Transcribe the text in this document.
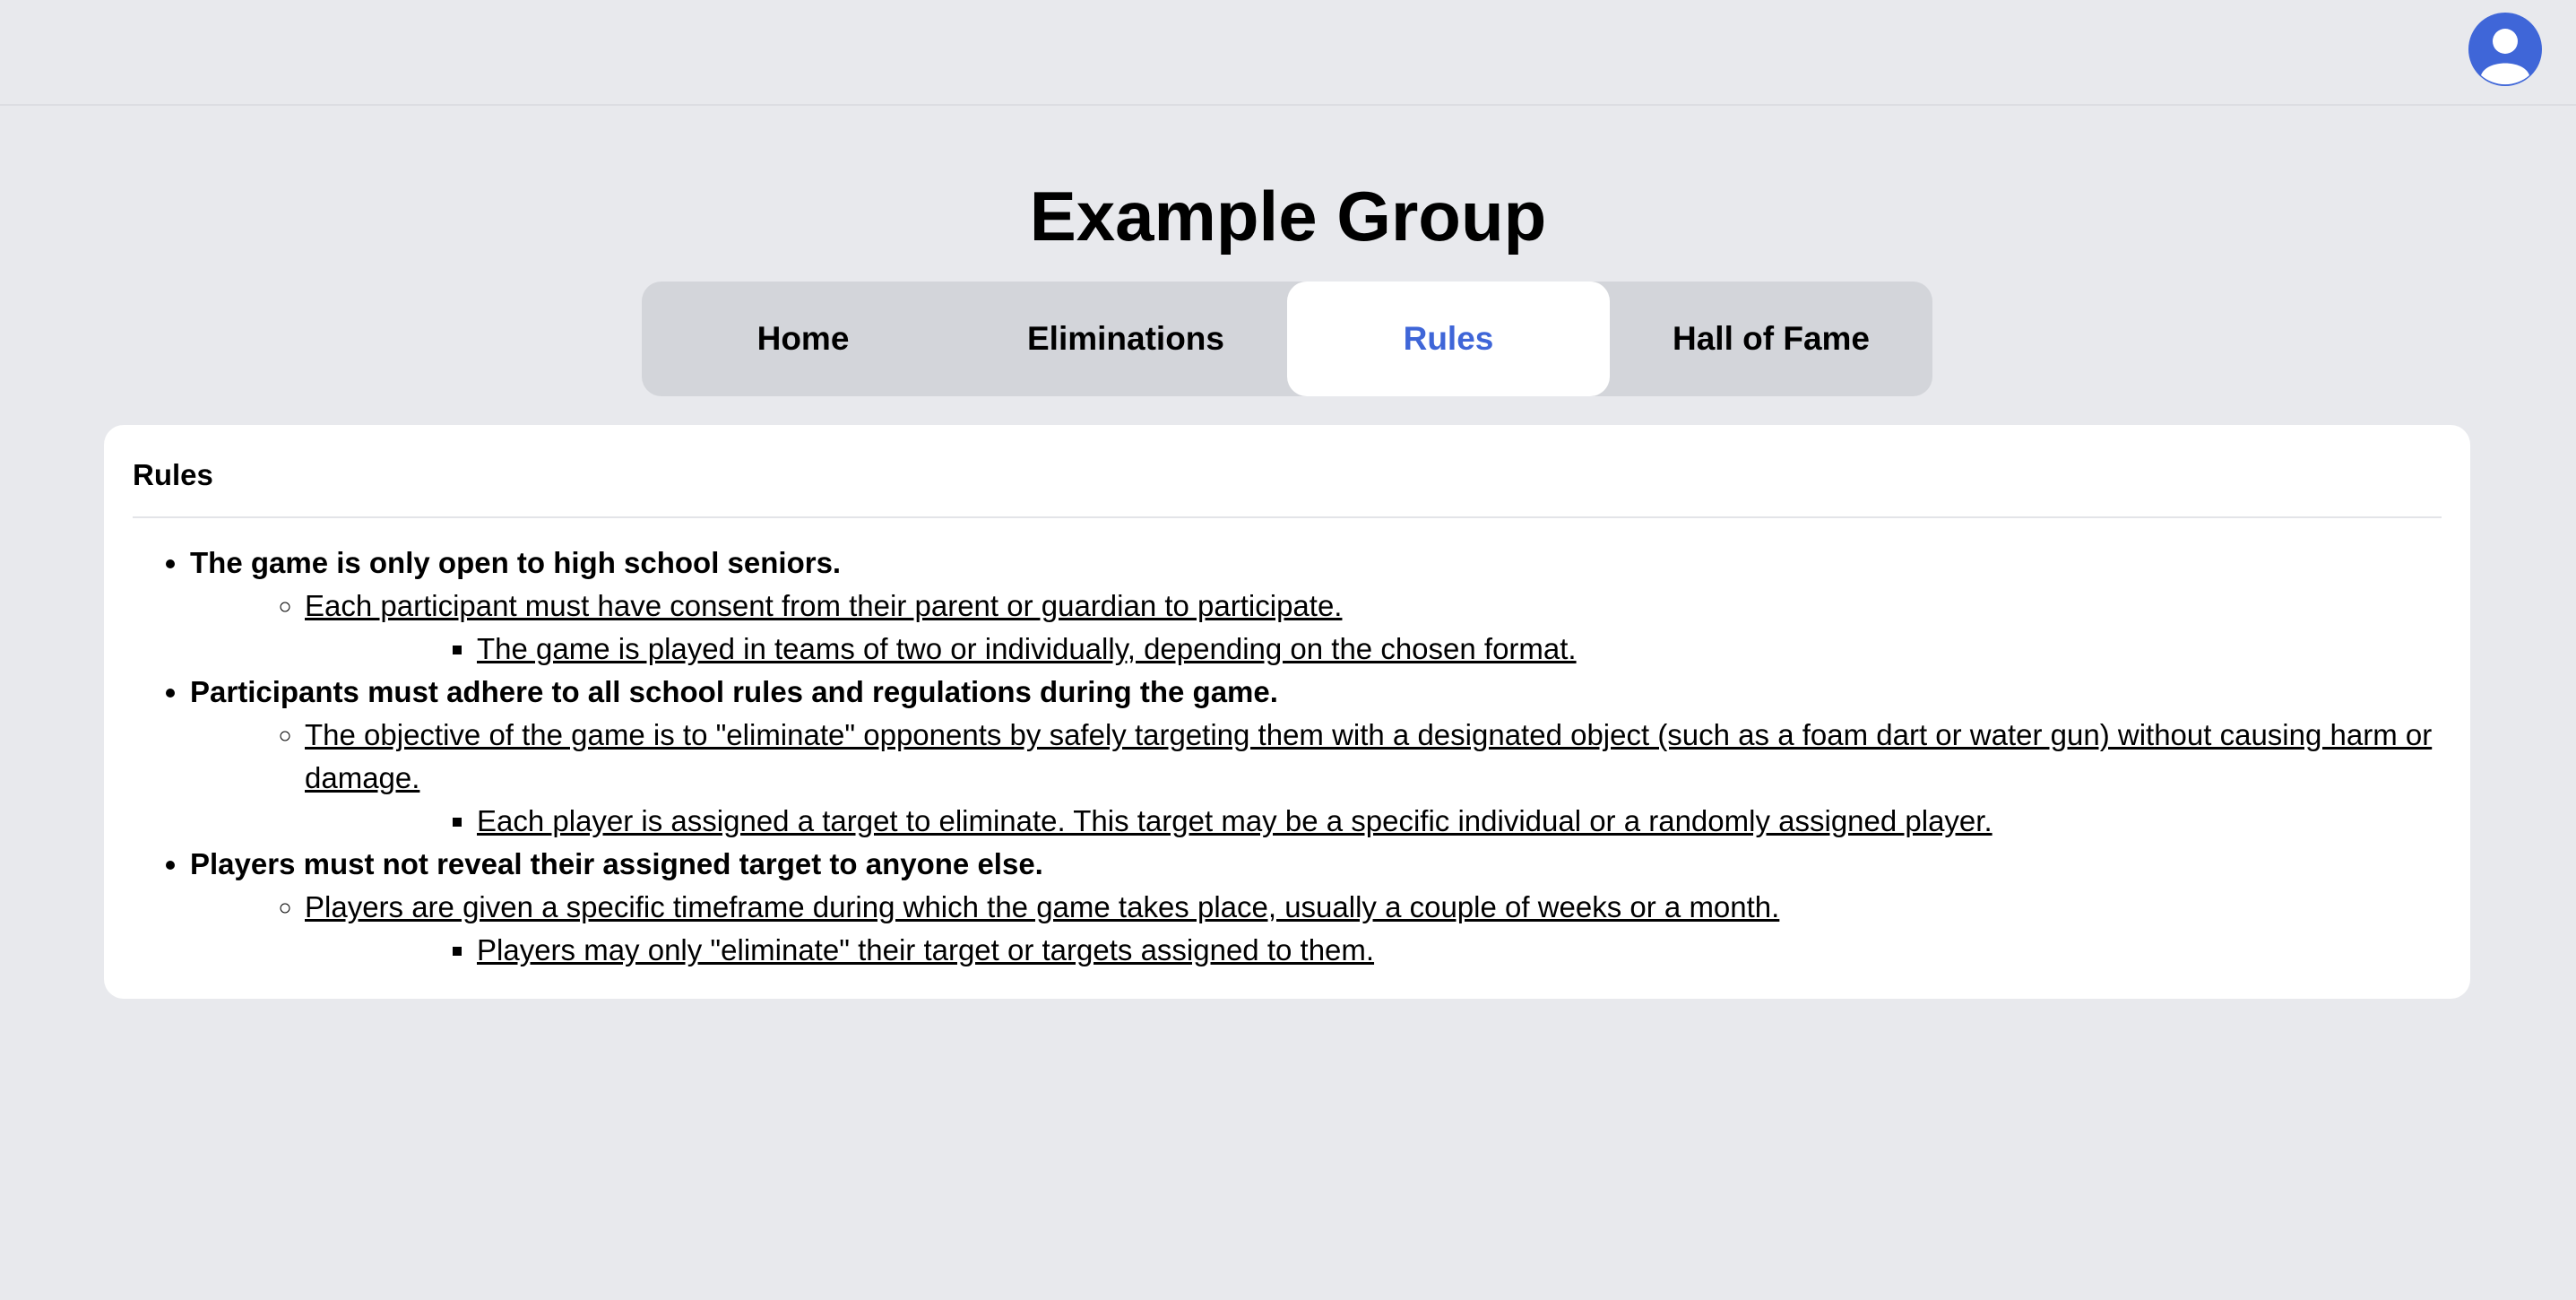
Example Group
Home	Eliminations	Rules	Hall of Fame
Rules
• The game is only open to high school seniors.
◦ Each participant must have consent from their parent or guardian to participate.
▪ The game is played in teams of two or individually, depending on the chosen format.
• Participants must adhere to all school rules and regulations during the game.
◦ The objective of the game is to "eliminate" opponents by safely targeting them with a designated object (such as a foam dart or water gun) without causing harm or damage.
▪ Each player is assigned a target to eliminate. This target may be a specific individual or a randomly assigned player.
• Players must not reveal their assigned target to anyone else.
◦ Players are given a specific timeframe during which the game takes place, usually a couple of weeks or a month.
▪ Players may only "eliminate" their target or targets assigned to them.
